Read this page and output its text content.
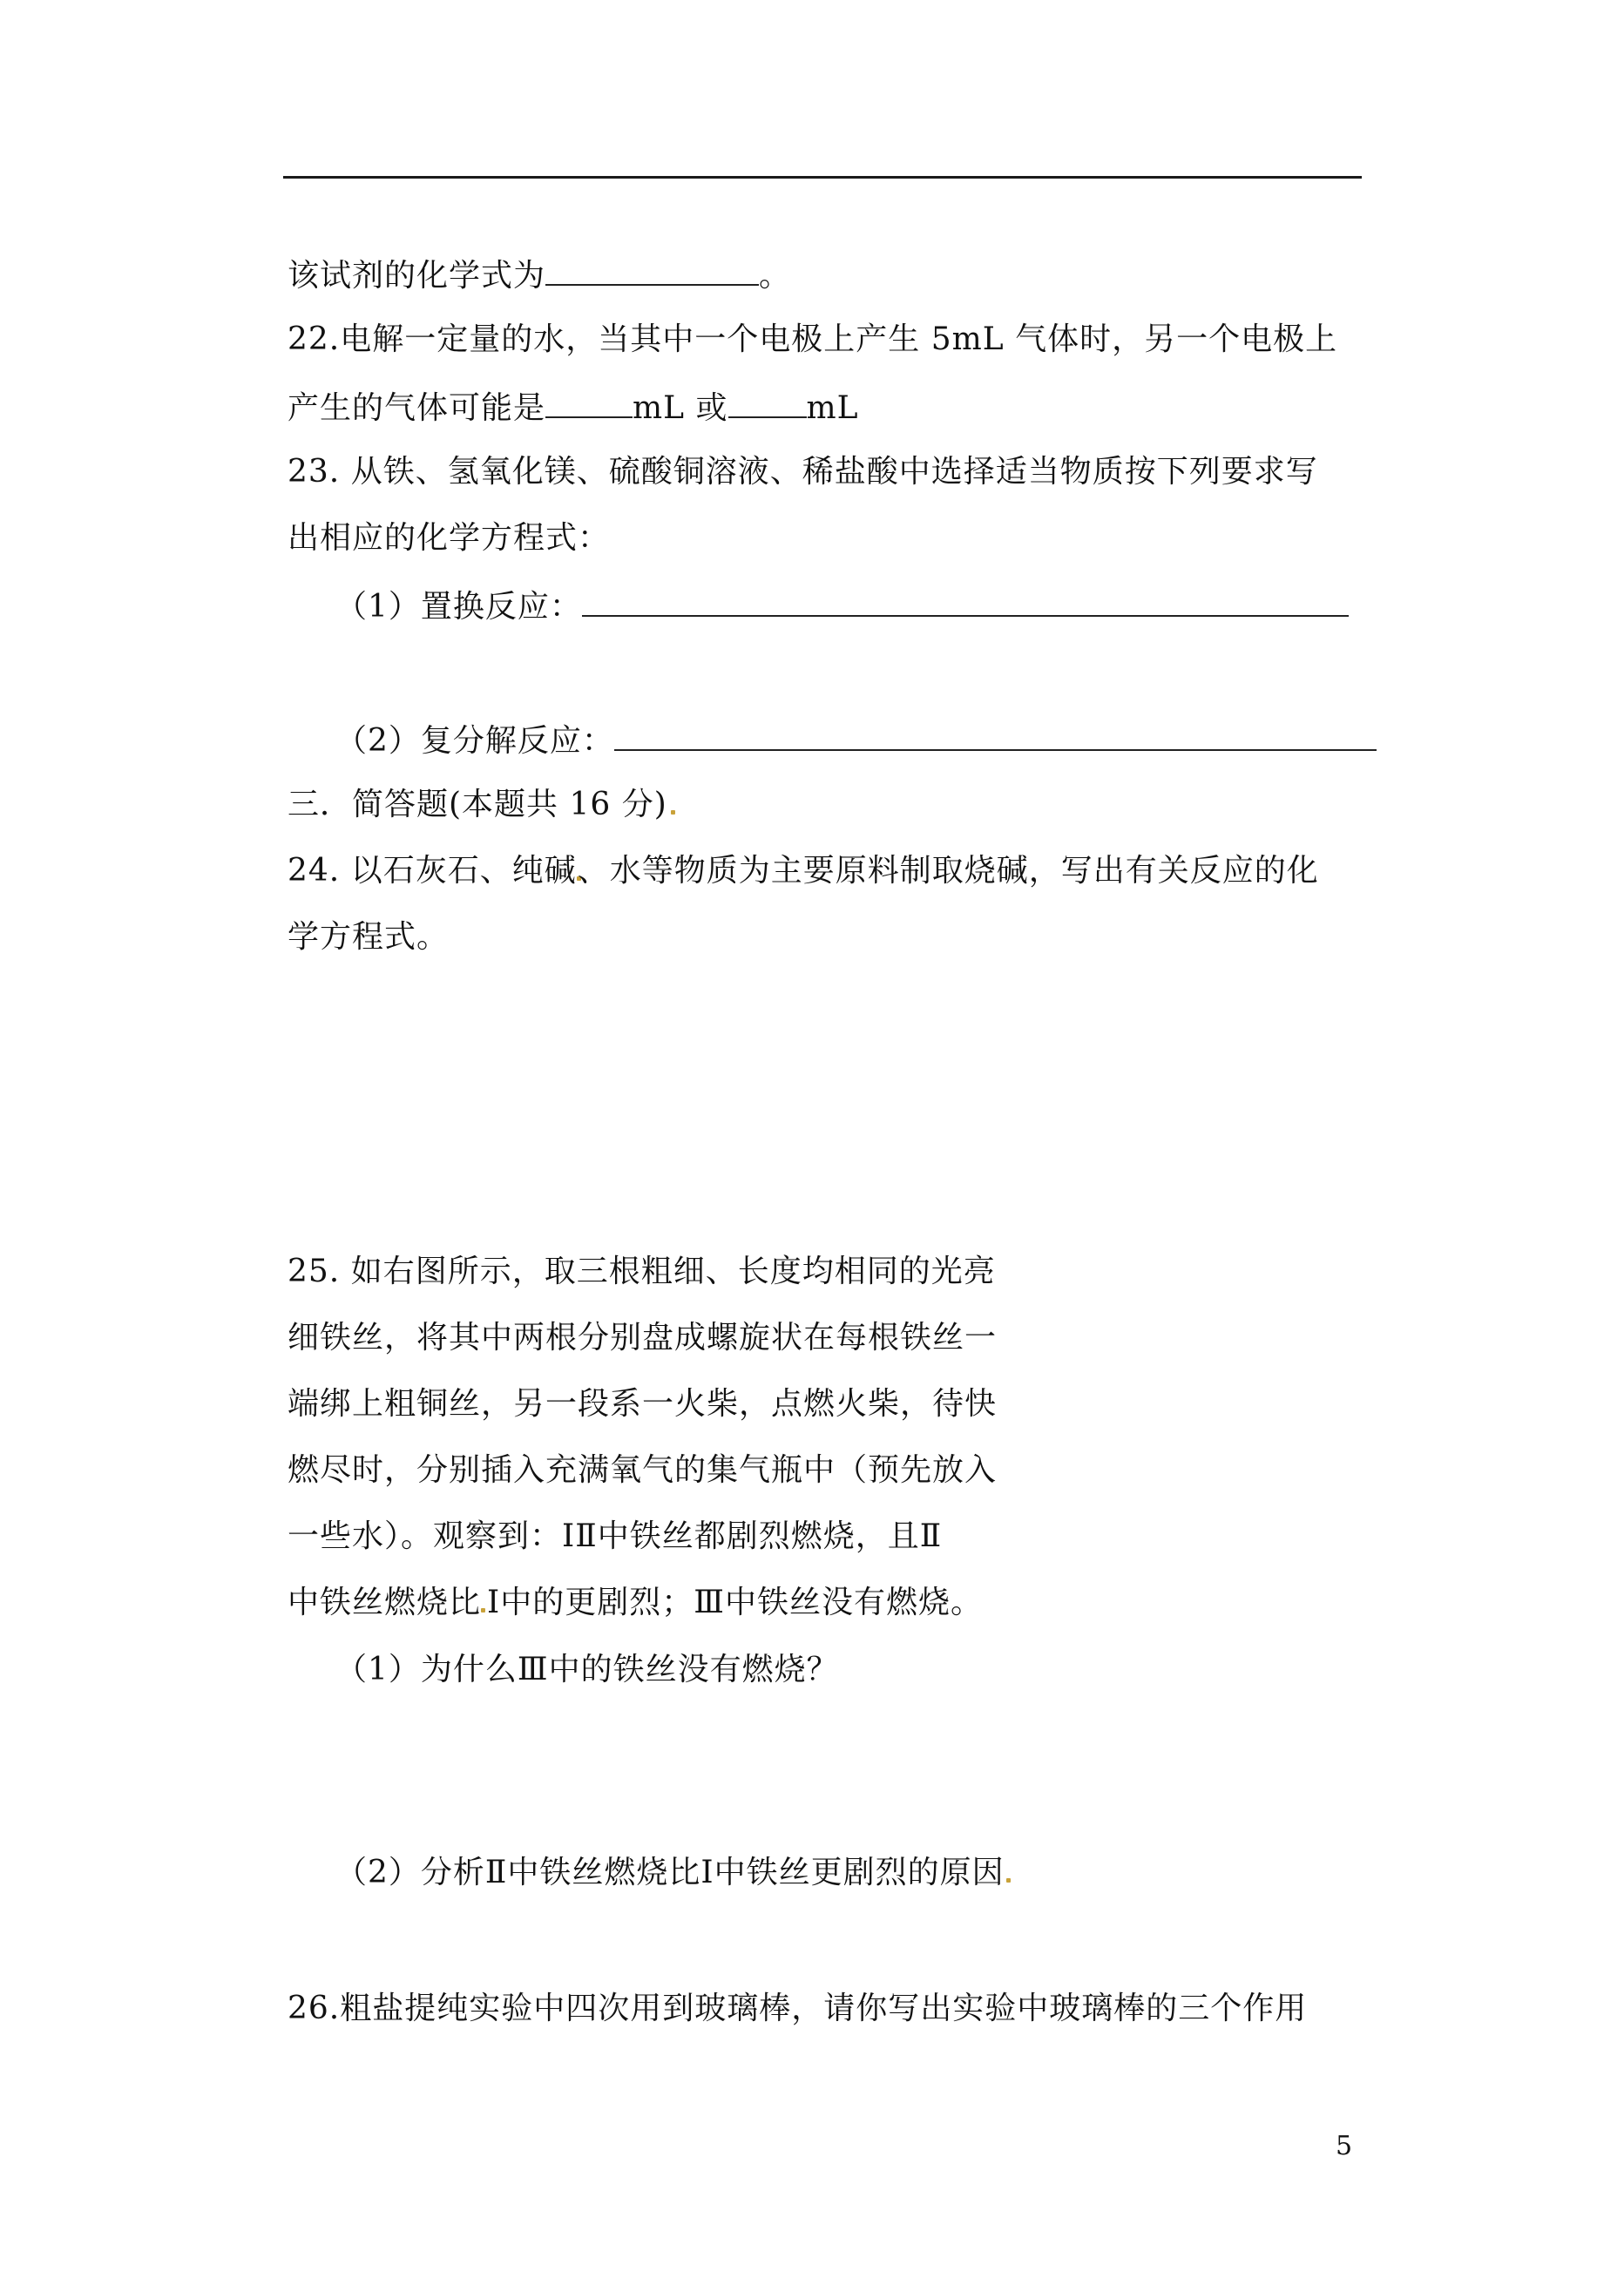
该试剂的化学式为	。
22.电解一定量的水，当其中一个电极上产生 5mL 气体时，另一个电极上
产生的气体可能是	mL 或	mL
23. 从铁、氢氧化镁、硫酸铜溶液、稀盐酸中选择适当物质按下列要求写
出相应的化学方程式：
（1）置换反应：
（2）复分解反应：
三．简答题(本题共 16 分)
24. 以石灰石、纯碱、水等物质为主要原料制取烧碱，写出有关反应的化
学方程式。
25. 如右图所示，取三根粗细、长度均相同的光亮
细铁丝，将其中两根分别盘成螺旋状在每根铁丝一
端绑上粗铜丝，另一段系一火柴，点燃火柴，待快
燃尽时，分别插入充满氧气的集气瓶中（预先放入
一些水）。观察到：ⅠⅡ中铁丝都剧烈燃烧，且Ⅱ
中铁丝燃烧比 Ⅰ中的更剧烈；Ⅲ中铁丝没有燃烧。
（1）为什么Ⅲ中的铁丝没有燃烧？
（2）分析Ⅱ中铁丝燃烧比Ⅰ中铁丝更剧烈的原因
26.粗盐提纯实验中四次用到玻璃棒，请你写出实验中玻璃棒的三个作用
5
